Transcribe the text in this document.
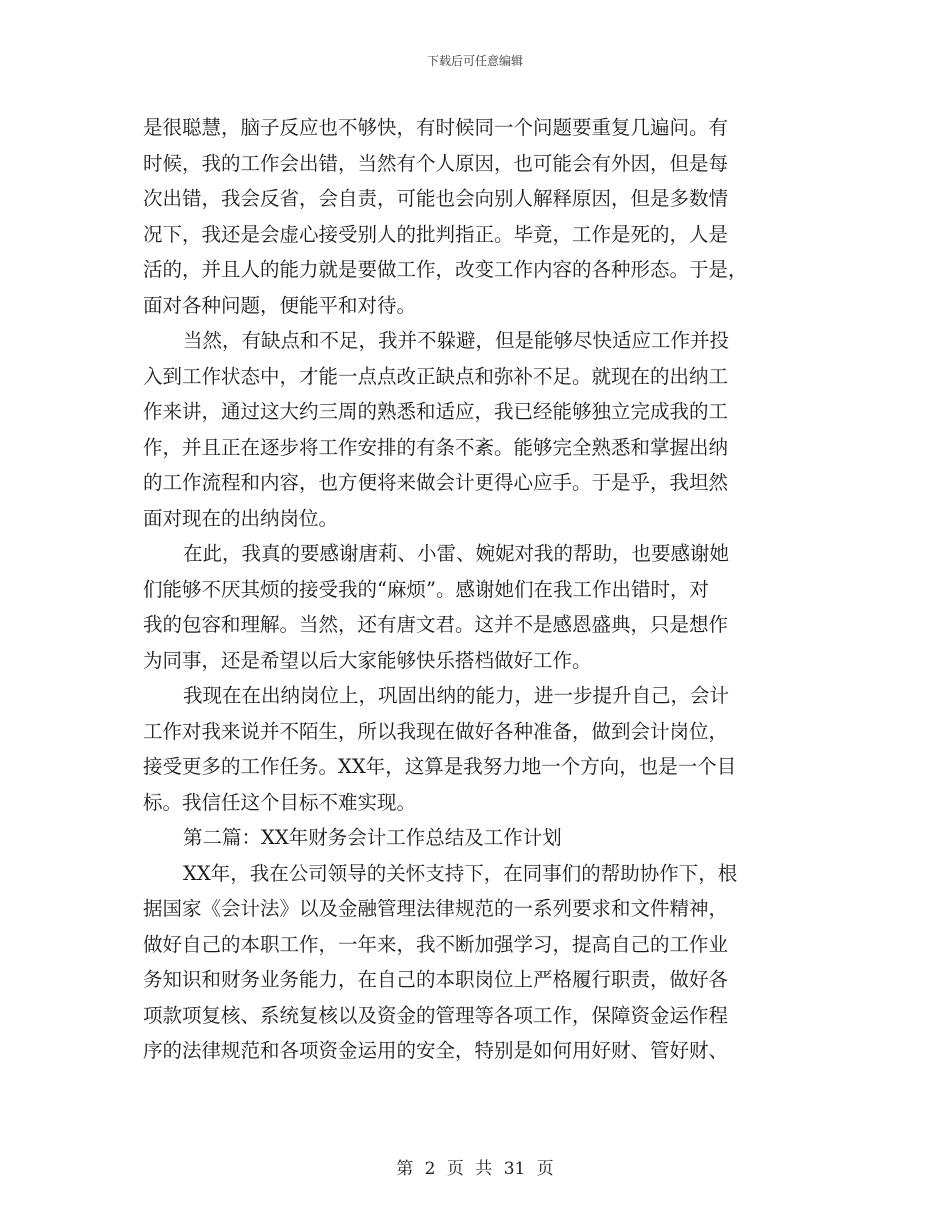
下载后可任意编辑
是很聪慧，脑子反应也不够快，有时候同一个问题要重复几遍问。有
时候，我的工作会出错，当然有个人原因，也可能会有外因，但是每
次出错，我会反省，会自责，可能也会向别人解释原因，但是多数情
况下，我还是会虚心接受别人的批判指正。毕竟，工作是死的，人是
活的，并且人的能力就是要做工作，改变工作内容的各种形态。于是，
面对各种问题，便能平和对待。
当然，有缺点和不足，我并不躲避，但是能够尽快适应工作并投
入到工作状态中，才能一点点改正缺点和弥补不足。就现在的出纳工
作来讲，通过这大约三周的熟悉和适应，我已经能够独立完成我的工
作，并且正在逐步将工作安排的有条不紊。能够完全熟悉和掌握出纳
的工作流程和内容，也方便将来做会计更得心应手。于是乎，我坦然
面对现在的出纳岗位。
在此，我真的要感谢唐莉、小雷、婉妮对我的帮助，也要感谢她
们能够不厌其烦的接受我的“麻烦”。感谢她们在我工作出错时，对
我的包容和理解。当然，还有唐文君。这并不是感恩盛典，只是想作
为同事，还是希望以后大家能够快乐搭档做好工作。
我现在在出纳岗位上，巩固出纳的能力，进一步提升自己，会计
工作对我来说并不陌生，所以我现在做好各种准备，做到会计岗位，
接受更多的工作任务。XX年，这算是我努力地一个方向，也是一个目
标。我信任这个目标不难实现。
第二篇：XX年财务会计工作总结及工作计划
XX年，我在公司领导的关怀支持下，在同事们的帮助协作下，根
据国家《会计法》以及金融管理法律规范的一系列要求和文件精神，
做好自己的本职工作，一年来，我不断加强学习，提高自己的工作业
务知识和财务业务能力，在自己的本职岗位上严格履行职责，做好各
项款项复核、系统复核以及资金的管理等各项工作，保障资金运作程
序的法律规范和各项资金运用的安全，特别是如何用好财、管好财、
第 2 页 共 31 页
